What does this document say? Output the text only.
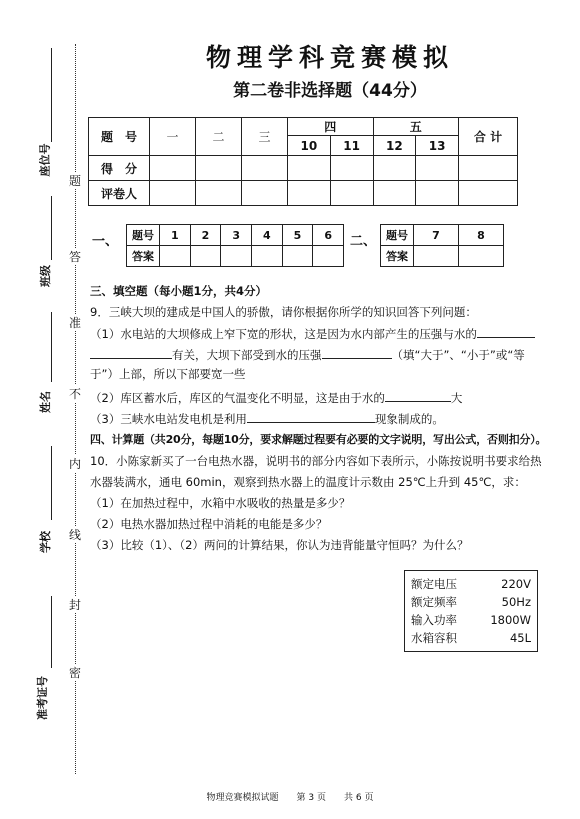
题
答
准
不
内
线
封
密
座位号
班级
姓名
学校
准考证号
物理学科竞赛模拟
第二卷非选择题（44分）
题　号	一	二	三	四		五		合 计
				10	11	12	13	
得　分								
评卷人								
一、 题号	1	2	3	4	5	6
答案						
二、 题号	7	8
答案		
三、填空题（每小题1分，共4分）
9．三峡大坝的建成是中国人的骄傲，请你根据你所学的知识回答下列问题：
（1）水电站的大坝修成上窄下宽的形状，这是因为水内部产生的压强与水的
有关，大坝下部受到水的压强	（填“大于”、“小于”或“等
于”）上部，所以下部要宽一些
（2）库区蓄水后，库区的气温变化不明显，这是由于水的	大
（3）三峡水电站发电机是利用	现象制成的。
四、计算题（共20分，每题10分，要求解题过程要有必要的文字说明，写出公式，否则扣分）。
10．小陈家新买了一台电热水器，说明书的部分内容如下表所示，小陈按说明书要求给热
水器装满水，通电 60min，观察到热水器上的温度计示数由 25℃上升到 45℃，求：
（1）在加热过程中，水箱中水吸收的热量是多少？
（2）电热水器加热过程中消耗的电能是多少？
（3）比较（1）、（2）两问的计算结果，你认为违背能量守恒吗？为什么？
额定电压	220V
额定频率	50Hz
输入功率	1800W
水箱容积	45L
物理竞赛模拟试题　　第 3 页　　共 6 页
